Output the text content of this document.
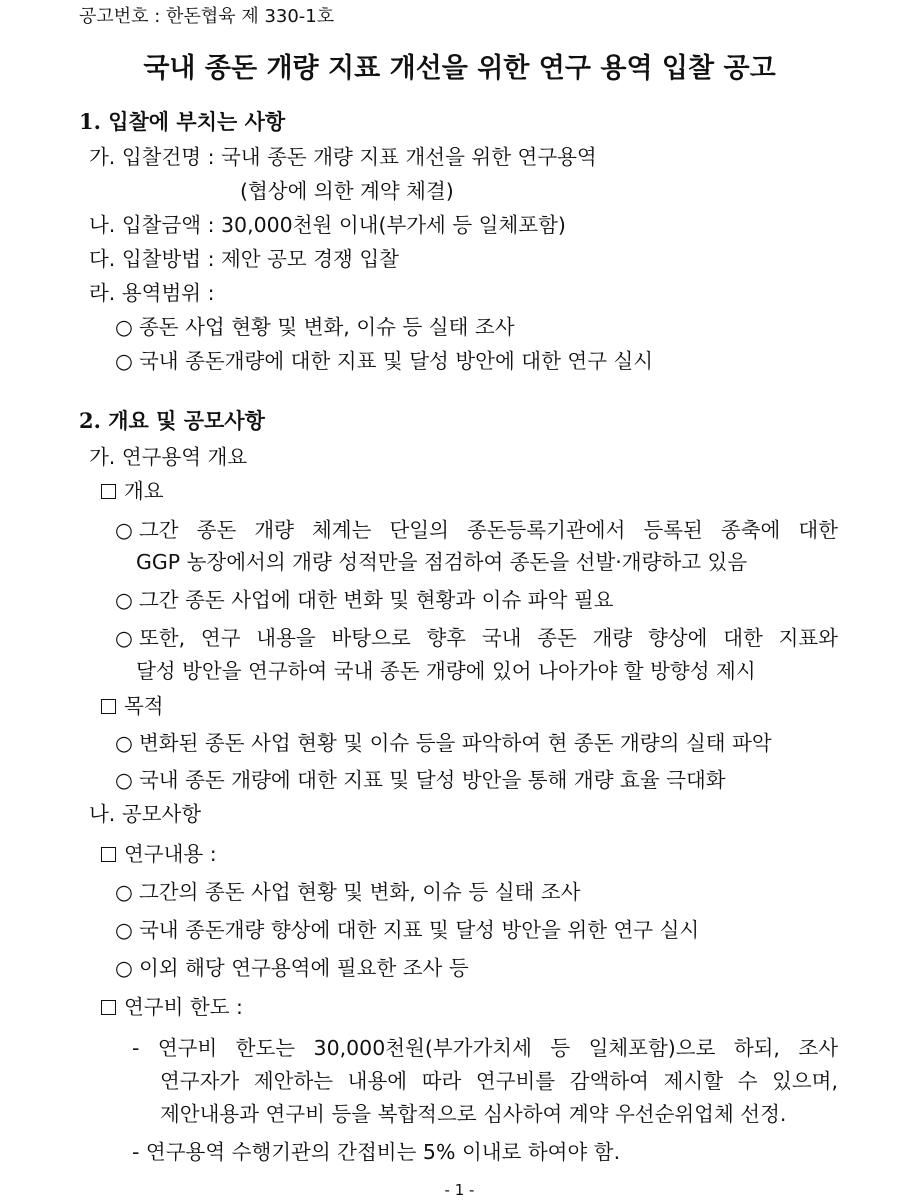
공고번호 : 한돈협육 제 330-1호
국내 종돈 개량 지표 개선을 위한 연구 용역 입찰 공고
1. 입찰에 부치는 사항
가. 입찰건명 : 국내 종돈 개량 지표 개선을 위한 연구용역
(협상에 의한 계약 체결)
나. 입찰금액 : 30,000천원 이내(부가세 등 일체포함)
다. 입찰방법 : 제안 공모 경쟁 입찰
라. 용역범위 :
○ 종돈 사업 현황 및 변화, 이슈 등 실태 조사
○ 국내 종돈개량에 대한 지표 및 달성 방안에 대한 연구 실시
2. 개요 및 공모사항
가. 연구용역 개요
개요
○ 그간 종돈 개량 체계는 단일의 종돈등록기관에서 등록된 종축에 대한
GGP 농장에서의 개량 성적만을 점검하여 종돈을 선발·개량하고 있음
○ 그간 종돈 사업에 대한 변화 및 현황과 이슈 파악 필요
○ 또한, 연구 내용을 바탕으로 향후 국내 종돈 개량 향상에 대한 지표와
달성 방안을 연구하여 국내 종돈 개량에 있어 나아가야 할 방향성 제시
목적
○ 변화된 종돈 사업 현황 및 이슈 등을 파악하여 현 종돈 개량의 실태 파악
○ 국내 종돈 개량에 대한 지표 및 달성 방안을 통해 개량 효율 극대화
나. 공모사항
연구내용 :
○ 그간의 종돈 사업 현황 및 변화, 이슈 등 실태 조사
○ 국내 종돈개량 향상에 대한 지표 및 달성 방안을 위한 연구 실시
○ 이외 해당 연구용역에 필요한 조사 등
연구비 한도 :
- 연구비 한도는 30,000천원(부가가치세 등 일체포함)으로 하되, 조사
연구자가 제안하는 내용에 따라 연구비를 감액하여 제시할 수 있으며,
제안내용과 연구비 등을 복합적으로 심사하여 계약 우선순위업체 선정.
- 연구용역 수행기관의 간접비는 5% 이내로 하여야 함.
- 1 -
